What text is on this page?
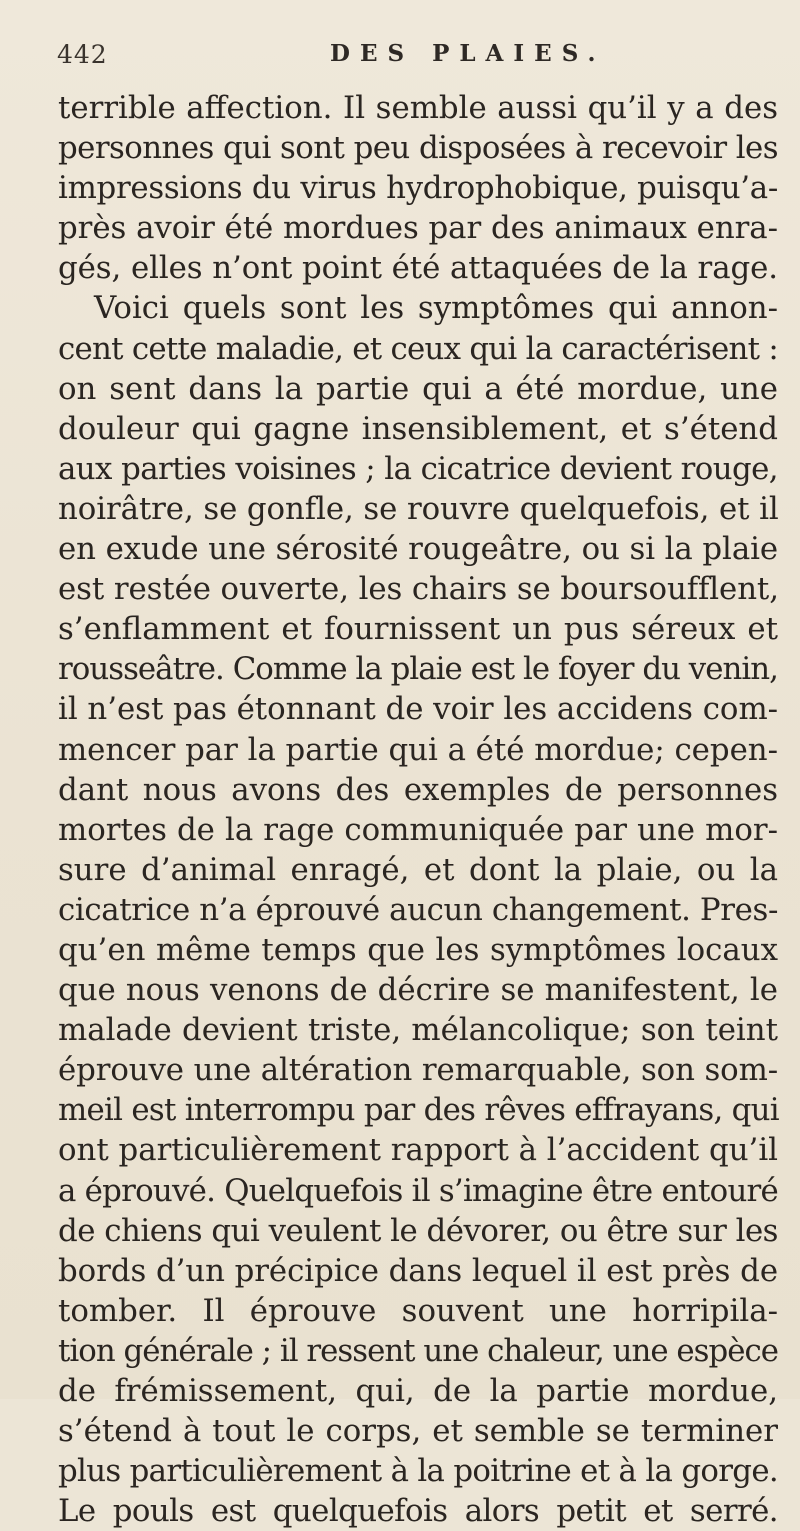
442	DES PLAIES.
terrible affection. Il semble aussi qu’il y a des
personnes qui sont peu disposées à recevoir les
impressions du virus hydrophobique, puisqu’a-
près avoir été mordues par des animaux enra-
gés, elles n’ont point été attaquées de la rage.
Voici quels sont les symptômes qui annon-
cent cette maladie, et ceux qui la caractérisent :
on sent dans la partie qui a été mordue, une
douleur qui gagne insensiblement, et s’étend
aux parties voisines ; la cicatrice devient rouge,
noirâtre, se gonfle, se rouvre quelquefois, et il
en exude une sérosité rougeâtre, ou si la plaie
est restée ouverte, les chairs se boursoufflent,
s’enflamment et fournissent un pus séreux et
rousseâtre. Comme la plaie est le foyer du venin,
il n’est pas étonnant de voir les accidens com-
mencer par la partie qui a été mordue; cepen-
dant nous avons des exemples de personnes
mortes de la rage communiquée par une mor-
sure d’animal enragé, et dont la plaie, ou la
cicatrice n’a éprouvé aucun changement. Pres-
qu’en même temps que les symptômes locaux
que nous venons de décrire se manifestent, le
malade devient triste, mélancolique; son teint
éprouve une altération remarquable, son som-
meil est interrompu par des rêves effrayans, qui
ont particulièrement rapport à l’accident qu’il
a éprouvé. Quelquefois il s’imagine être entouré
de chiens qui veulent le dévorer, ou être sur les
bords d’un précipice dans lequel il est près de
tomber. Il éprouve souvent une horripila-
tion générale ; il ressent une chaleur, une espèce
de frémissement, qui, de la partie mordue,
s’étend à tout le corps, et semble se terminer
plus particulièrement à la poitrine et à la gorge.
Le pouls est quelquefois alors petit et serré.
